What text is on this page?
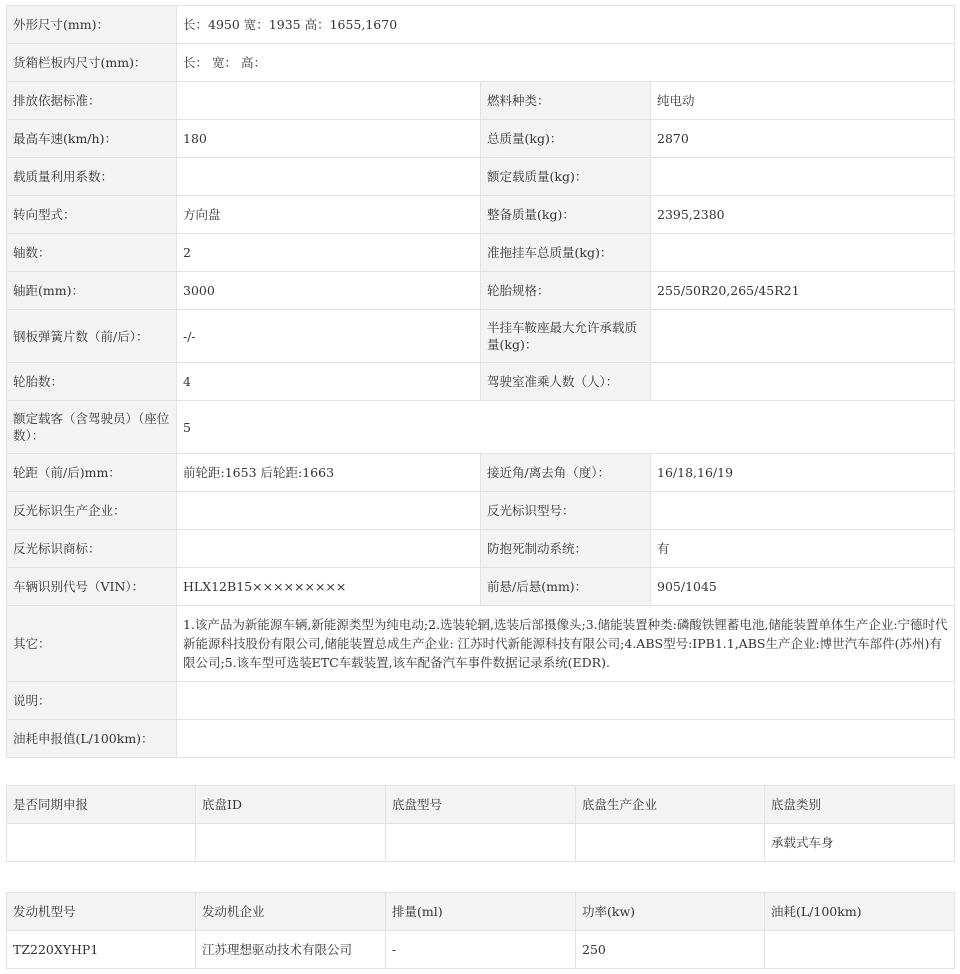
外形尺寸(mm)：	长：4950 宽：1935 高：1655,1670		
货箱栏板内尺寸(mm)：	长： 宽： 高：		
排放依据标准：		燃料种类：	纯电动
最高车速(km/h)：	180	总质量(kg)：	2870
载质量利用系数：		额定载质量(kg)：	
转向型式：	方向盘	整备质量(kg)：	2395,2380
轴数：	2	准拖挂车总质量(kg)：	
轴距(mm)：	3000	轮胎规格：	255/50R20,265/45R21
钢板弹簧片数（前/后）：	-/-	半挂车鞍座最大允许承载质量(kg)：	
轮胎数：	4	驾驶室准乘人数（人）：	
额定载客（含驾驶员）（座位数）：	5		
轮距（前/后)mm：	前轮距:1653 后轮距:1663	接近角/离去角（度）：	16/18,16/19
反光标识生产企业：		反光标识型号：	
反光标识商标：		防抱死制动系统：	有
车辆识别代号（VIN）：	HLX12B15×××××××××	前悬/后悬(mm)：	905/1045
其它：	1.该产品为新能源车辆,新能源类型为纯电动;2.选装轮辋,选装后部摄像头;3.储能装置种类:磷酸铁锂蓄电池,储能装置单体生产企业:宁德时代新能源科技股份有限公司,储能装置总成生产企业: 江苏时代新能源科技有限公司;4.ABS型号:IPB1.1,ABS生产企业:博世汽车部件(苏州)有限公司;5.该车型可选装ETC车载装置,该车配备汽车事件数据记录系统(EDR).		
说明：			
油耗申报值(L/100km)：			
是否同期申报	底盘ID	底盘型号	底盘生产企业	底盘类别
				承载式车身
发动机型号	发动机企业	排量(ml)	功率(kw)	油耗(L/100km)
TZ220XYHP1	江苏理想驱动技术有限公司	-	250	
